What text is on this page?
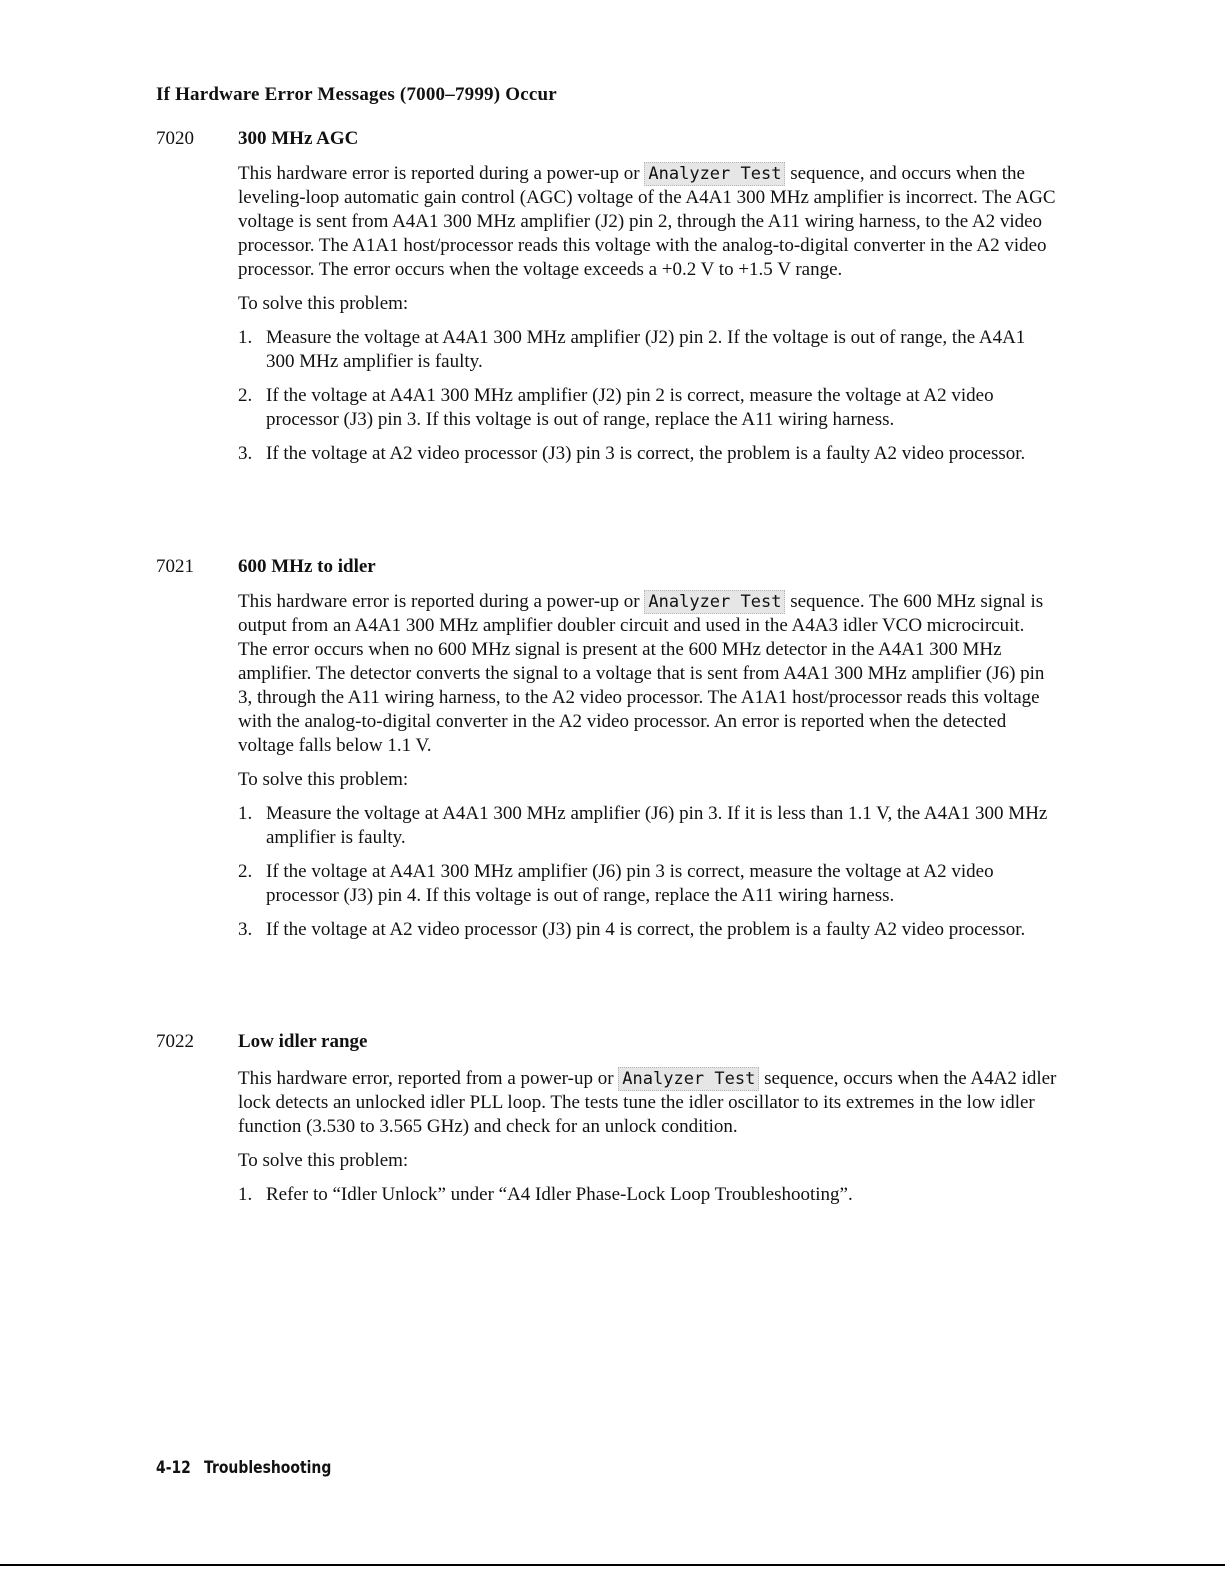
If Hardware Error Messages (7000–7999) Occur
7020 300 MHz AGC

This hardware error is reported during a power-up or Analyzer Test sequence, and occurs when the leveling-loop automatic gain control (AGC) voltage of the A4A1 300 MHz amplifier is incorrect. The AGC voltage is sent from A4A1 300 MHz amplifier (J2) pin 2, through the A11 wiring harness, to the A2 video processor. The A1A1 host/processor reads this voltage with the analog-to-digital converter in the A2 video processor. The error occurs when the voltage exceeds a +0.2 V to +1.5 V range.

To solve this problem:

1. Measure the voltage at A4A1 300 MHz amplifier (J2) pin 2. If the voltage is out of range, the A4A1 300 MHz amplifier is faulty.
2. If the voltage at A4A1 300 MHz amplifier (J2) pin 2 is correct, measure the voltage at A2 video processor (J3) pin 3. If this voltage is out of range, replace the A11 wiring harness.
3. If the voltage at A2 video processor (J3) pin 3 is correct, the problem is a faulty A2 video processor.
7021 600 MHz to idler

This hardware error is reported during a power-up or Analyzer Test sequence. The 600 MHz signal is output from an A4A1 300 MHz amplifier doubler circuit and used in the A4A3 idler VCO microcircuit. The error occurs when no 600 MHz signal is present at the 600 MHz detector in the A4A1 300 MHz amplifier. The detector converts the signal to a voltage that is sent from A4A1 300 MHz amplifier (J6) pin 3, through the A11 wiring harness, to the A2 video processor. The A1A1 host/processor reads this voltage with the analog-to-digital converter in the A2 video processor. An error is reported when the detected voltage falls below 1.1 V.

To solve this problem:

1. Measure the voltage at A4A1 300 MHz amplifier (J6) pin 3. If it is less than 1.1 V, the A4A1 300 MHz amplifier is faulty.
2. If the voltage at A4A1 300 MHz amplifier (J6) pin 3 is correct, measure the voltage at A2 video processor (J3) pin 4. If this voltage is out of range, replace the A11 wiring harness.
3. If the voltage at A2 video processor (J3) pin 4 is correct, the problem is a faulty A2 video processor.
7022 Low idler range

This hardware error, reported from a power-up or Analyzer Test sequence, occurs when the A4A2 idler lock detects an unlocked idler PLL loop. The tests tune the idler oscillator to its extremes in the low idler function (3.530 to 3.565 GHz) and check for an unlock condition.

To solve this problem:

1. Refer to “Idler Unlock” under “A4 Idler Phase-Lock Loop Troubleshooting”.
4-12 Troubleshooting
